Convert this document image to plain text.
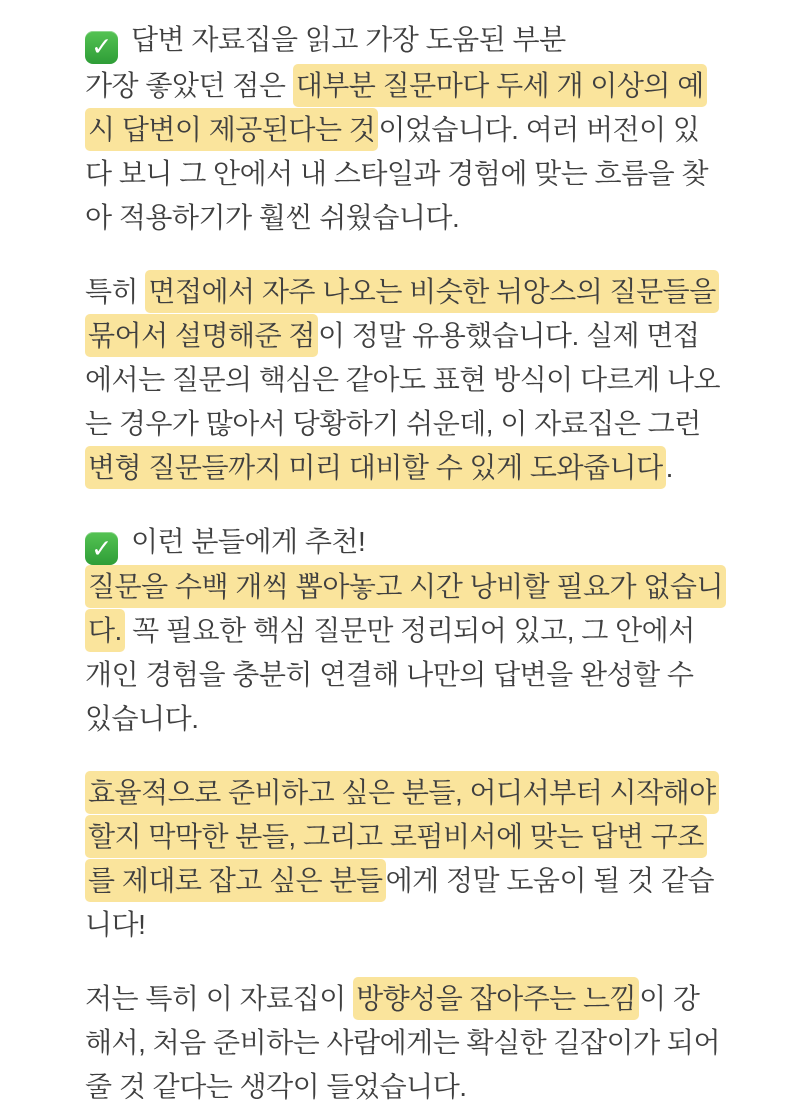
✓ 답변 자료집을 읽고 가장 도움된 부분

가장 좋았던 점은 대부분 질문마다 두세 개 이상의 예시 답변이 제공된다는 것 이었습니다. 여러 버전이 있다 보니 그 안에서 내 스타일과 경험에 맞는 흐름을 찾아 적용하기가 훨씬 쉬웠습니다.

특히 면접에서 자주 나오는 비슷한 뉘앙스의 질문들을 묶어서 설명해준 점 이 정말 유용했습니다. 실제 면접에서는 질문의 핵심은 같아도 표현 방식이 다르게 나오는 경우가 많아서 당황하기 쉬운데, 이 자료집은 그런 변형 질문들까지 미리 대비할 수 있게 도와줍니다 .

✓ 이런 분들에게 추천!

질문을 수백 개씩 뽑아놓고 시간 낭비할 필요가 없습니다. 꼭 필요한 핵심 질문만 정리되어 있고, 그 안에서 개인 경험을 충분히 연결해 나만의 답변을 완성할 수 있습니다.

효율적으로 준비하고 싶은 분들, 어디서부터 시작해야 할지 막막한 분들, 그리고 로펌비서에 맞는 답변 구조를 제대로 잡고 싶은 분들 에게 정말 도움이 될 것 같습니다!

저는 특히 이 자료집이 방향성을 잡아주는 느낌 이 강해서, 처음 준비하는 사람에게는 확실한 길잡이가 되어줄 것 같다는 생각이 들었습니다.
